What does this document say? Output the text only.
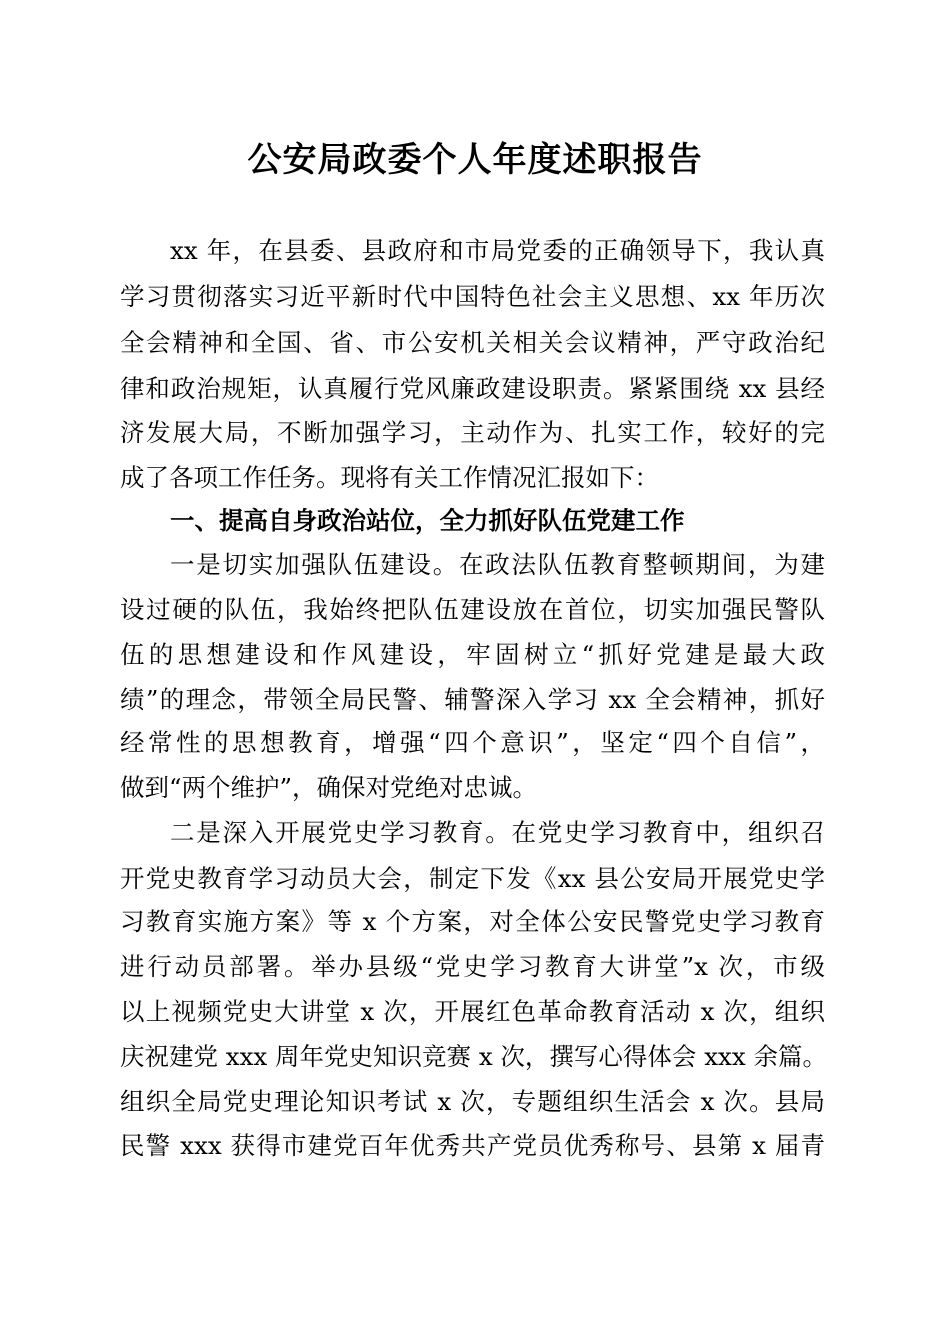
公安局政委个人年度述职报告
xx 年，在县委、县政府和市局党委的正确领导下，我认真
学习贯彻落实习近平新时代中国特色社会主义思想、xx 年历次
全会精神和全国、省、市公安机关相关会议精神，严守政治纪
律和政治规矩，认真履行党风廉政建设职责。紧紧围绕 xx 县经
济发展大局，不断加强学习，主动作为、扎实工作，较好的完
成了各项工作任务。现将有关工作情况汇报如下：
一、提高自身政治站位，全力抓好队伍党建工作
一是切实加强队伍建设。在政法队伍教育整顿期间，为建
设过硬的队伍，我始终把队伍建设放在首位，切实加强民警队
伍的思想建设和作风建设，牢固树立“抓好党建是最大政
绩”的理念，带领全局民警、辅警深入学习 xx 全会精神，抓好
经常性的思想教育，增强“四个意识”，坚定“四个自信”，
做到“两个维护”，确保对党绝对忠诚。
二是深入开展党史学习教育。在党史学习教育中，组织召
开党史教育学习动员大会，制定下发《xx 县公安局开展党史学
习教育实施方案》等 x 个方案，对全体公安民警党史学习教育
进行动员部署。举办县级“党史学习教育大讲堂”x 次，市级
以上视频党史大讲堂 x 次，开展红色革命教育活动 x 次，组织
庆祝建党 xxx 周年党史知识竞赛 x 次，撰写心得体会 xxx 余篇。
组织全局党史理论知识考试 x 次，专题组织生活会 x 次。县局
民警 xxx 获得市建党百年优秀共产党员优秀称号、县第 x 届青
